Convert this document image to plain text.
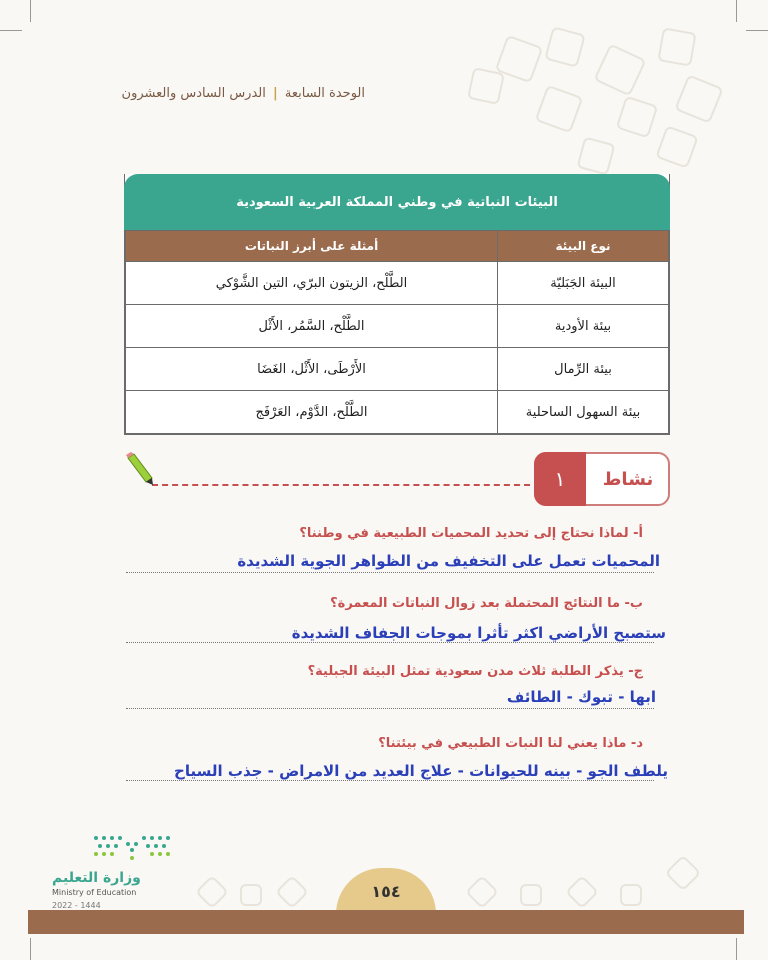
الوحدة السابعة | الدرس السادس والعشرون
البيئات النباتية في وطني المملكة العربية السعودية
نوع البيئة	أمثلة على أبرز النباتات
البيئة الجَبَليّة	الطَّلْح، الزيتون البرّي، التين الشَّوْكي
بيئة الأودية	الطَّلْح، السَّمُر، الأَثْل
بيئة الرِّمال	الأَرْطَى، الأَثْل، الغَضَا
بيئة السهول الساحلية	الطَّلْح، الدَّوْم، العَرْفَج
١	نشاط
أ- لماذا نحتاج إلى تحديد المحميات الطبيعية في وطننا؟
المحميات تعمل على التخفيف من الظواهر الجوية الشديدة
ب- ما النتائج المحتملة بعد زوال النباتات المعمرة؟
ستصبح الأراضي اكثر تأثرا بموجات الجفاف الشديدة
ج- يذكر الطلبة ثلاث مدن سعودية تمثل البيئة الجبلية؟
ابها - تبوك - الطائف
د- ماذا يعني لنا النبات الطبيعي في بيئتنا؟
يلطف الجو - بينه للحيوانات - علاج العديد من الامراض - جذب السياح
وزارة التعليم
Ministry of Education
2022 - 1444
١٥٤
